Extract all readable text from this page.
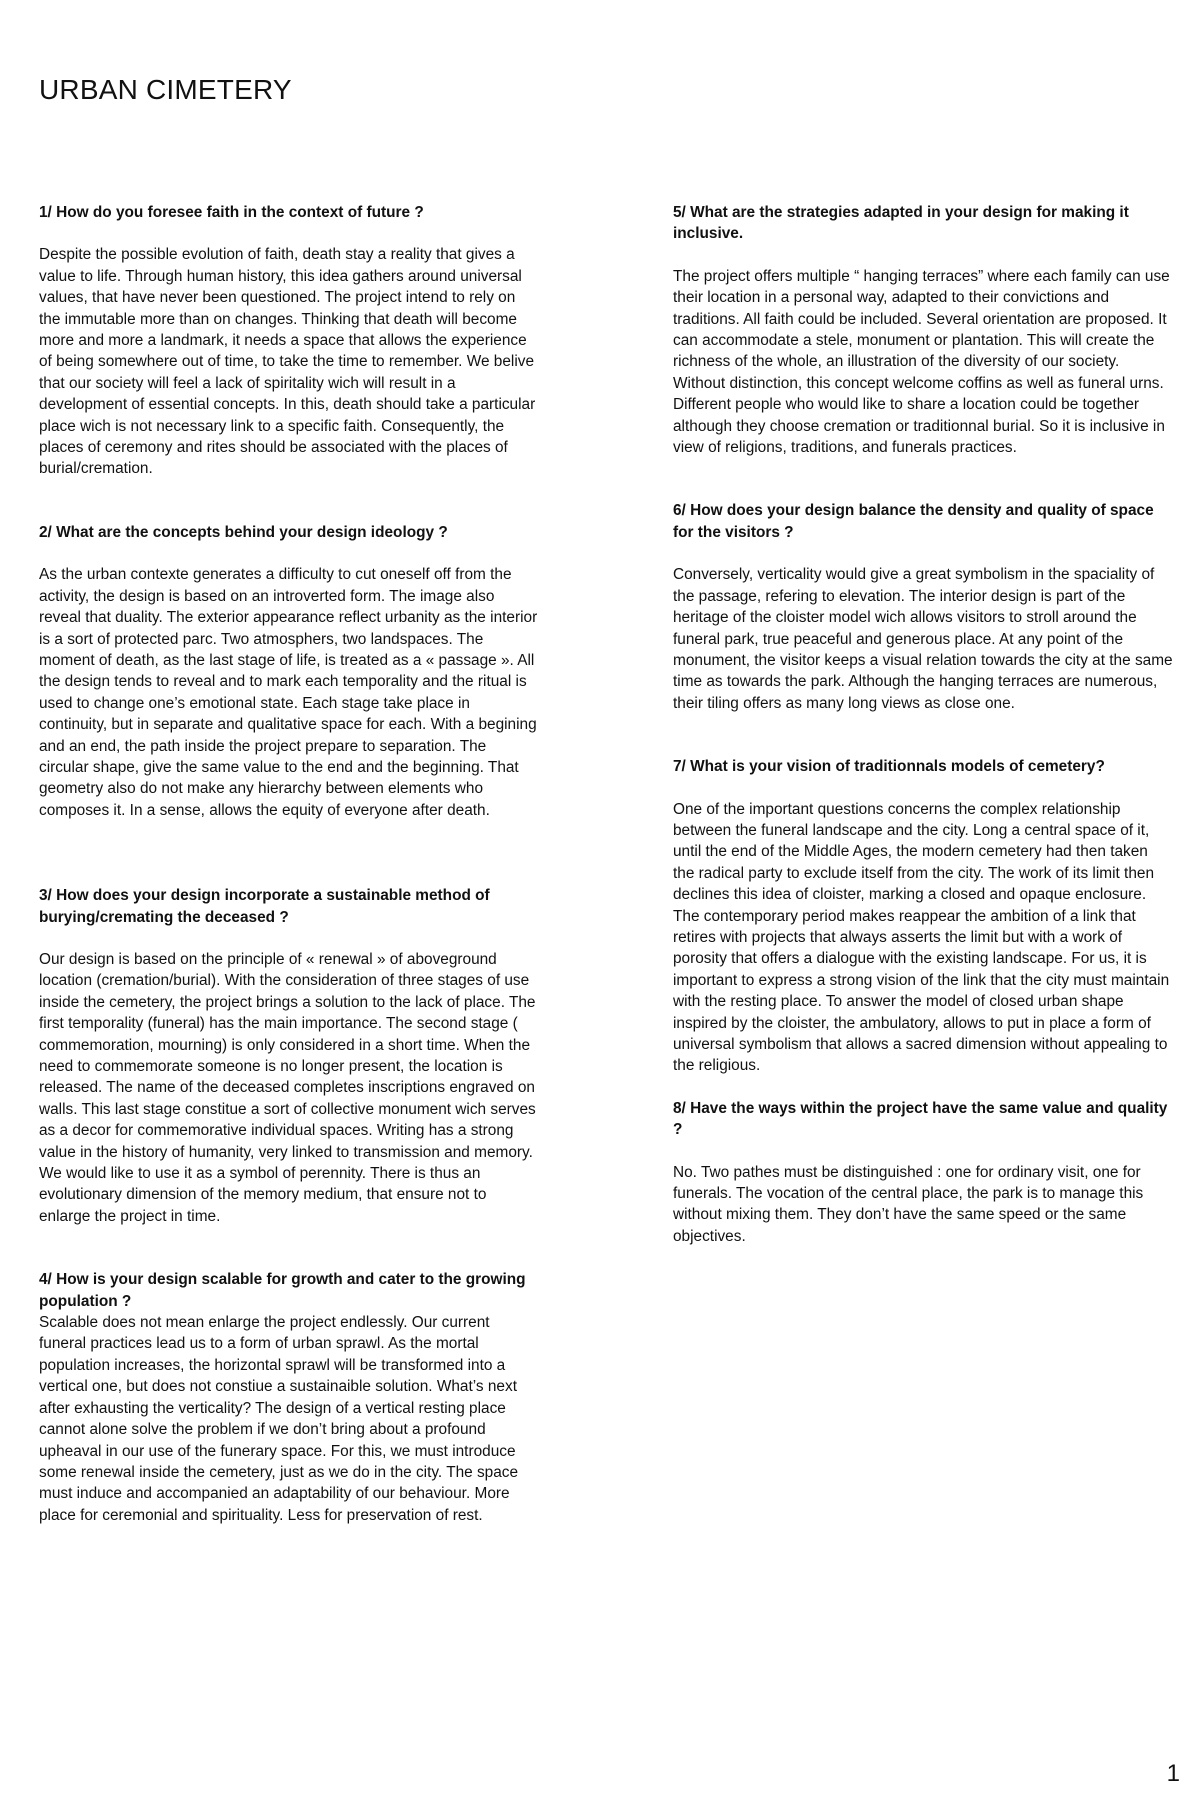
URBAN CIMETERY

1/ How do you foresee faith in the context of future ?

Despite the possible evolution of faith, death stay a reality that gives a value to life. Through human history, this idea gathers around universal values, that have never been questioned. The project intend to rely on the immutable more than on changes. Thinking that death will become more and more a landmark, it needs a space that allows the experience of being somewhere out of time, to take the time to remember. We belive that our society will feel a lack of spiritality wich will result in a development of essential concepts. In this, death should take a particular place wich is not necessary link to a specific faith. Consequently, the places of ceremony and rites should be associated with the places of burial/cremation.

2/ What are the concepts behind your design ideology ?

As the urban contexte generates a difficulty to cut oneself off from the activity, the design is based on an introverted form. The image also reveal that duality. The exterior appearance reflect urbanity as the interior is a sort of protected parc. Two atmosphers, two landspaces. The moment of death, as the last stage of life, is treated as a « passage ». All the design tends to reveal and to mark each temporality and the ritual is used to change one’s emotional state. Each stage take place in continuity, but in separate and qualitative space for each. With a begining and an end, the path inside the project prepare to separation. The circular shape, give the same value to the end and the beginning. That geometry also do not make any hierarchy between elements who composes it. In a sense, allows the equity of everyone after death.

3/ How does your design incorporate a sustainable method of burying/cremating the deceased ?

Our design is based on the principle of « renewal » of aboveground location (cremation/burial). With the consideration of three stages of use inside the cemetery, the project brings a solution to the lack of place. The first temporality (funeral) has the main importance. The second stage ( commemoration, mourning) is only considered in a short time. When the need to commemorate someone is no longer present, the location is released. The name of the deceased completes inscriptions engraved on walls. This last stage constitue a sort of collective monument wich serves as a decor for commemorative individual spaces. Writing has a strong value in the history of humanity, very linked to transmission and memory. We would like to use it as a symbol of perennity. There is thus an evolutionary dimension of the memory medium, that ensure not to enlarge the project in time.

4/ How is your design scalable for growth and cater to the growing population ?

Scalable does not mean enlarge the project endlessly. Our current funeral practices lead us to a form of urban sprawl. As the mortal population increases, the horizontal sprawl will be transformed into a vertical one, but does not constiue a sustainaible solution. What’s next after exhausting the verticality? The design of a vertical resting place cannot alone solve the problem if we don’t bring about a profound upheaval in our use of the funerary space. For this, we must introduce some renewal inside the cemetery, just as we do in the city. The space must induce and accompanied an adaptability of our behaviour. More place for ceremonial and spirituality. Less for preservation of rest.

5/ What are the strategies adapted in your design for making it inclusive.

The project offers multiple “ hanging terraces” where each family can use their location in a personal way, adapted to their convictions and traditions. All faith could be included. Several orientation are proposed. It can accommodate a stele, monument or plantation. This will create the richness of the whole, an illustration of the diversity of our society. Without distinction, this concept welcome coffins as well as funeral urns. Different people who would like to share a location could be together although they choose cremation or traditionnal burial. So it is inclusive in view of religions, traditions, and funerals practices.

6/ How does your design balance the density and quality of space for the visitors ?

Conversely, verticality would give a great symbolism in the spaciality of the passage, refering to elevation. The interior design is part of the heritage of the cloister model wich allows visitors to stroll around the funeral park, true peaceful and generous place. At any point of the monument, the visitor keeps a visual relation towards the city at the same time as towards the park. Although the hanging terraces are numerous, their tiling offers as many long views as close one.

7/ What is your vision of traditionnals models of cemetery?

One of the important questions concerns the complex relationship between the funeral landscape and the city. Long a central space of it, until the end of the Middle Ages, the modern cemetery had then taken the radical party to exclude itself from the city. The work of its limit then declines this idea of cloister, marking a closed and opaque enclosure. The contemporary period makes reappear the ambition of a link that retires with projects that always asserts the limit but with a work of porosity that offers a dialogue with the existing landscape. For us, it is important to express a strong vision of the link that the city must maintain with the resting place. To answer the model of closed urban shape inspired by the cloister, the ambulatory, allows to put in place a form of universal symbolism that allows a sacred dimension without appealing to the religious.

8/ Have the ways within the project have the same value and quality ?

No. Two pathes must be distinguished : one for ordinary visit, one for funerals. The vocation of the central place, the park is to manage this without mixing them. They don’t have the same speed or the same objectives.

1
